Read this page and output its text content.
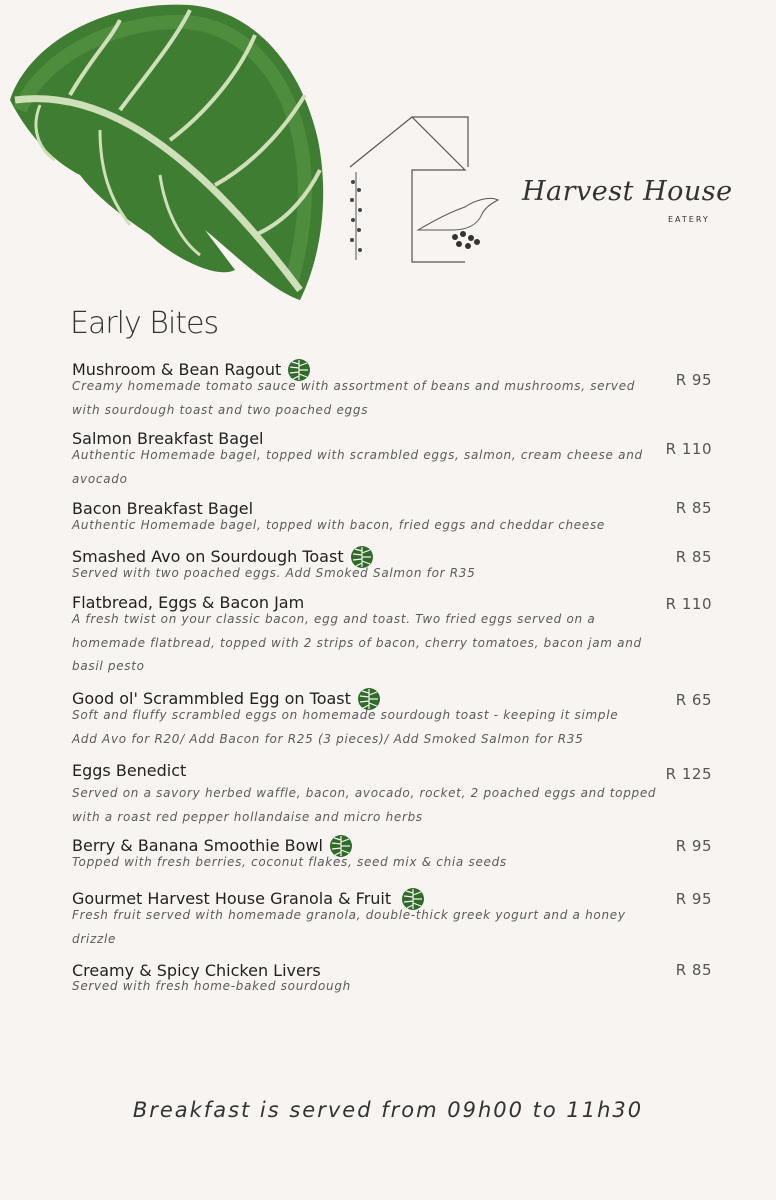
Harvest House
EATERY
Early Bites
Mushroom & Bean Ragout
Creamy homemade tomato sauce with assortment of beans and mushrooms, served with sourdough toast and two poached eggs
R 95
Salmon Breakfast Bagel
Authentic Homemade bagel, topped with scrambled eggs, salmon, cream cheese and avocado
R 110
Bacon Breakfast Bagel
Authentic Homemade bagel, topped with bacon, fried eggs and cheddar cheese
R 85
Smashed Avo on Sourdough Toast
Served with two poached eggs. Add Smoked Salmon for R35
R 85
Flatbread, Eggs & Bacon Jam
A fresh twist on your classic bacon, egg and toast. Two fried eggs served on a homemade flatbread, topped with 2 strips of bacon, cherry tomatoes, bacon jam and basil pesto
R 110
Good ol' Scrammbled Egg on Toast
Soft and fluffy scrambled eggs on homemade sourdough toast - keeping it simple
Add Avo for R20/ Add Bacon for R25 (3 pieces)/ Add Smoked Salmon for R35
R 65
Eggs Benedict
Served on a savory herbed waffle, bacon, avocado, rocket, 2 poached eggs and topped with a roast red pepper hollandaise and micro herbs
R 125
Berry & Banana Smoothie Bowl
Topped with fresh berries, coconut flakes, seed mix & chia seeds
R 95
Gourmet Harvest House Granola & Fruit
Fresh fruit served with homemade granola, double-thick greek yogurt and a honey drizzle
R 95
Creamy & Spicy Chicken Livers
Served with fresh home-baked sourdough
R 85

Breakfast is served from 09h00 to 11h30
